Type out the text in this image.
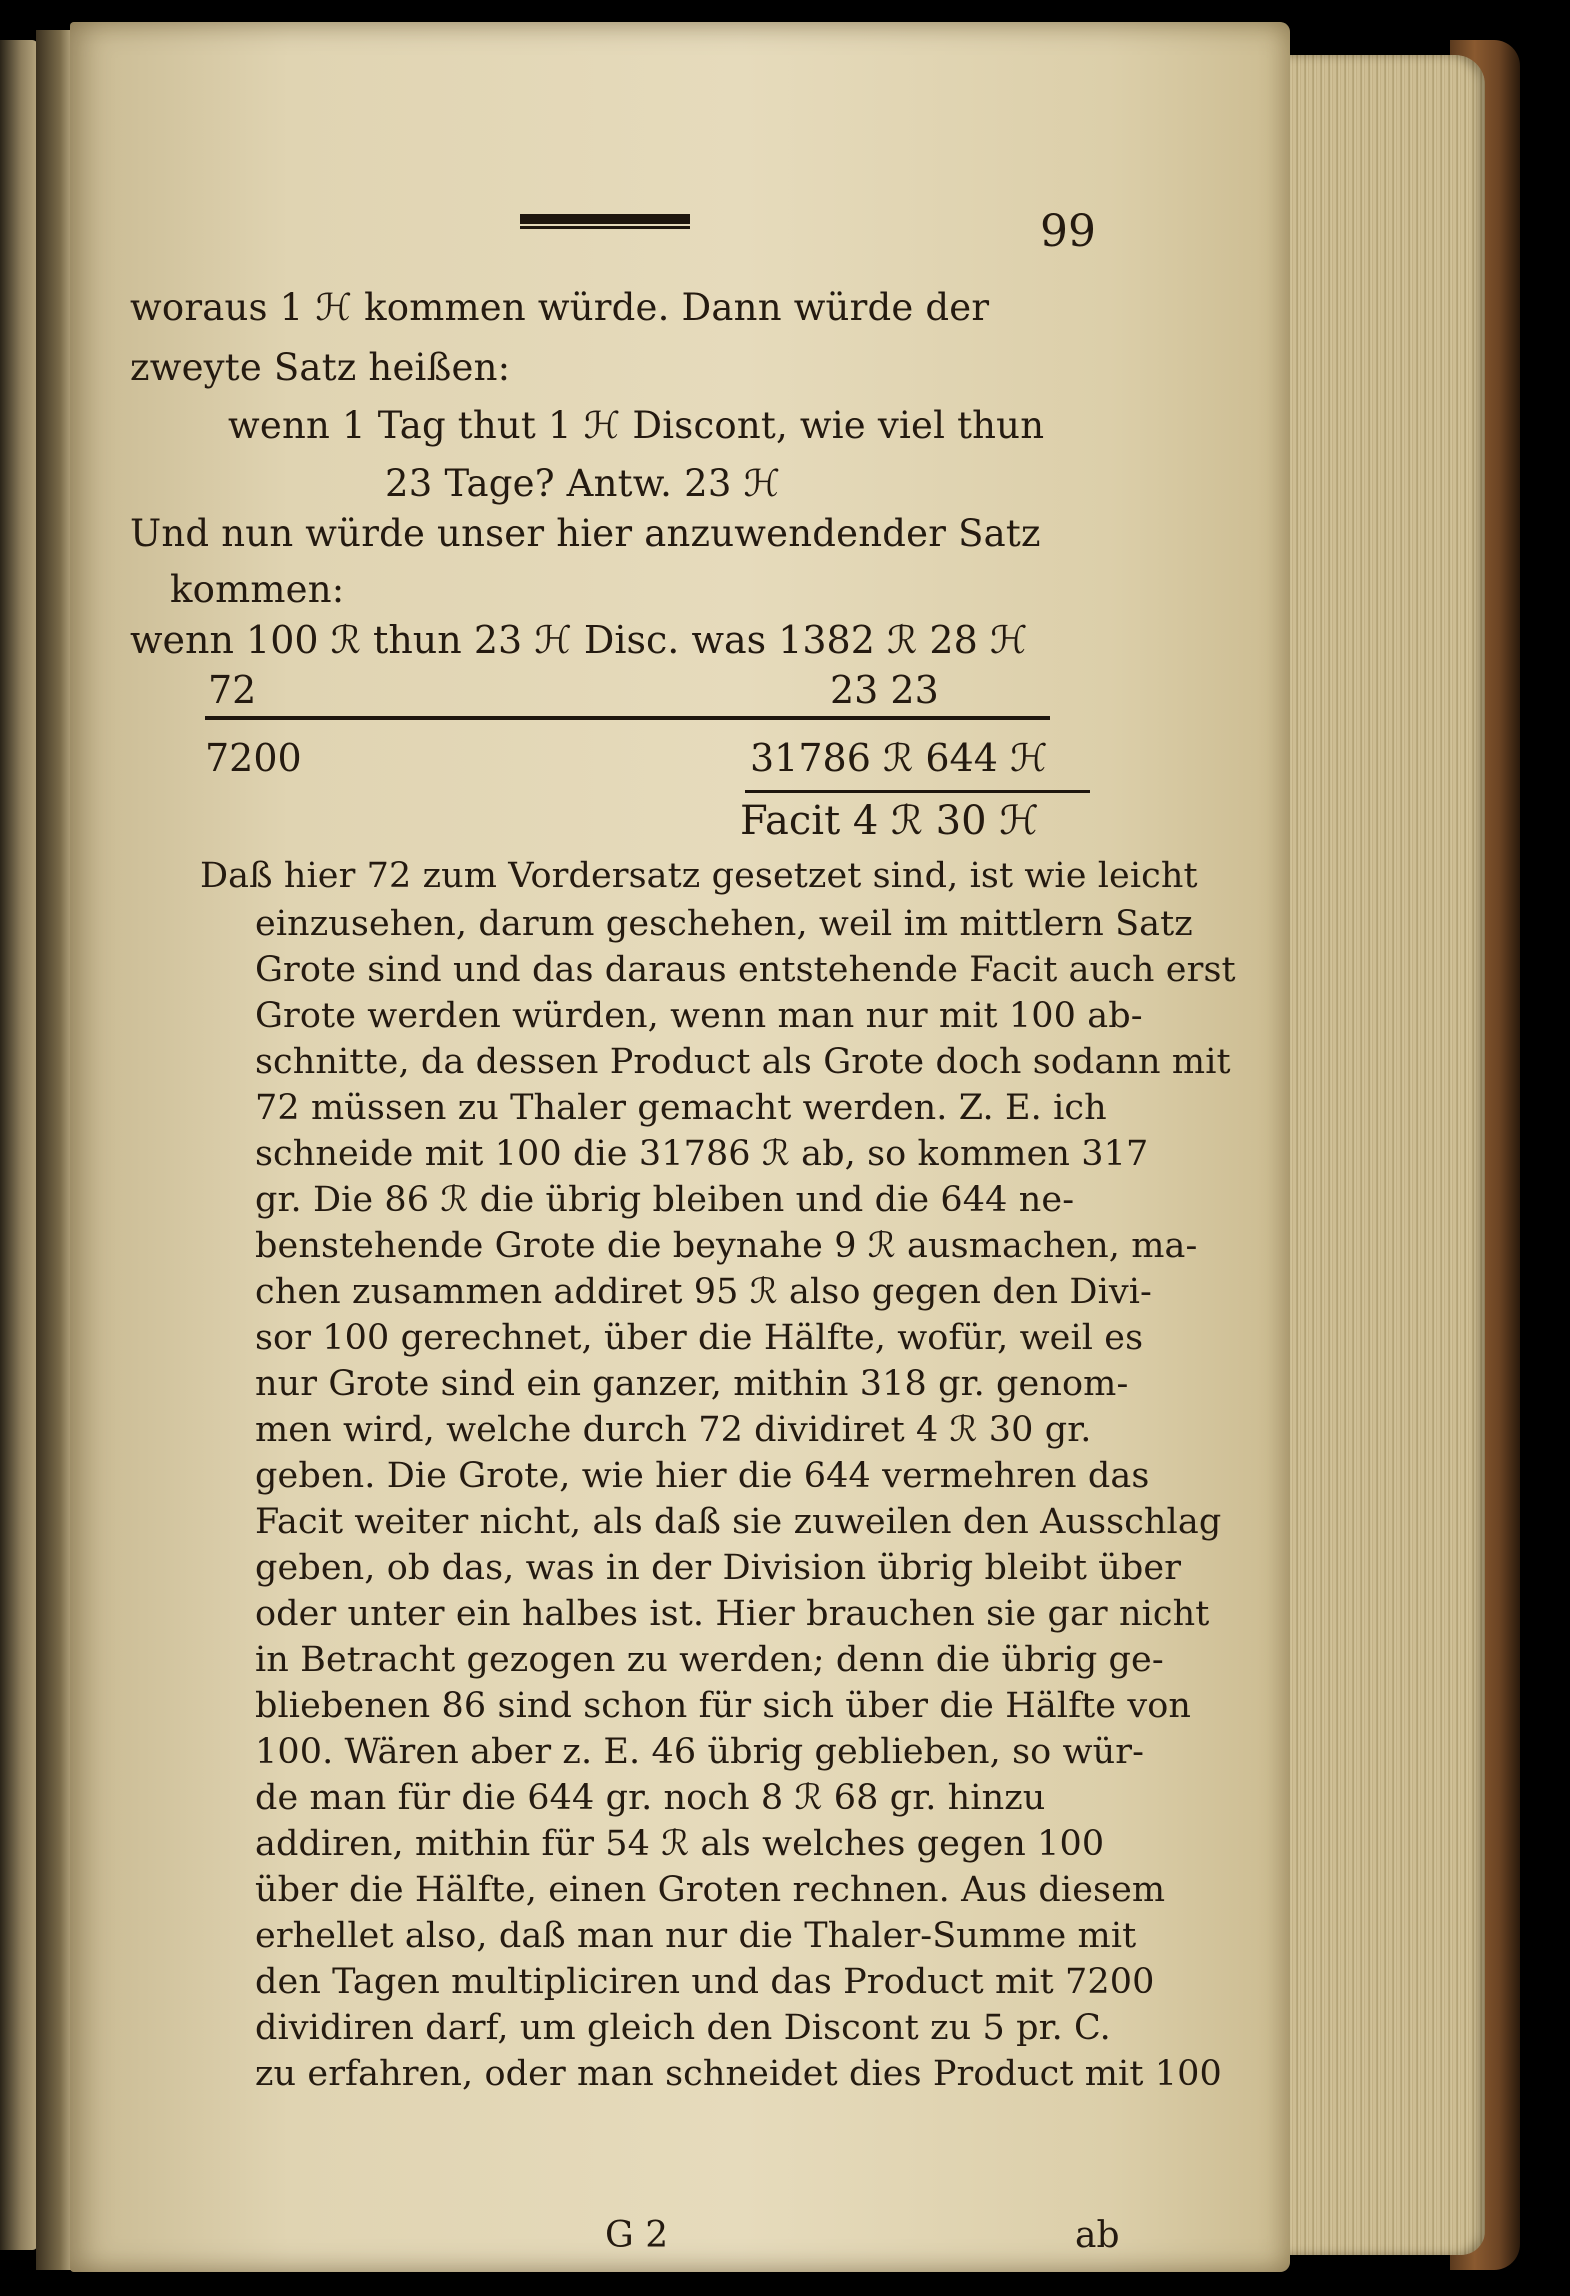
99
woraus 1 ℋ kommen würde. Dann würde der
zweyte Satz heißen:
wenn 1 Tag thut 1 ℋ Discont, wie viel thun
23 Tage? Antw. 23 ℋ
Und nun würde unser hier anzuwendender Satz
kommen:
wenn 100 ℛ thun 23 ℋ Disc. was 1382 ℛ 28 ℋ
72	23 23
7200	31786 ℛ 644 ℋ
Facit 4 ℛ 30 ℋ
Daß hier 72 zum Vordersatz gesetzet sind, ist wie leicht
einzusehen, darum geschehen, weil im mittlern Satz
Grote sind und das daraus entstehende Facit auch erst
Grote werden würden, wenn man nur mit 100 ab-
schnitte, da dessen Product als Grote doch sodann mit
72 müssen zu Thaler gemacht werden. Z. E. ich
schneide mit 100 die 31786 ℛ ab, so kommen 317
gr. Die 86 ℛ die übrig bleiben und die 644 ne-
benstehende Grote die beynahe 9 ℛ ausmachen, ma-
chen zusammen addiret 95 ℛ also gegen den Divi-
sor 100 gerechnet, über die Hälfte, wofür, weil es
nur Grote sind ein ganzer, mithin 318 gr. genom-
men wird, welche durch 72 dividiret 4 ℛ 30 gr.
geben. Die Grote, wie hier die 644 vermehren das
Facit weiter nicht, als daß sie zuweilen den Ausschlag
geben, ob das, was in der Division übrig bleibt über
oder unter ein halbes ist. Hier brauchen sie gar nicht
in Betracht gezogen zu werden; denn die übrig ge-
bliebenen 86 sind schon für sich über die Hälfte von
100. Wären aber z. E. 46 übrig geblieben, so wür-
de man für die 644 gr. noch 8 ℛ 68 gr. hinzu
addiren, mithin für 54 ℛ als welches gegen 100
über die Hälfte, einen Groten rechnen. Aus diesem
erhellet also, daß man nur die Thaler-Summe mit
den Tagen multipliciren und das Product mit 7200
dividiren darf, um gleich den Discont zu 5 pr. C.
zu erfahren, oder man schneidet dies Product mit 100
G 2	ab
